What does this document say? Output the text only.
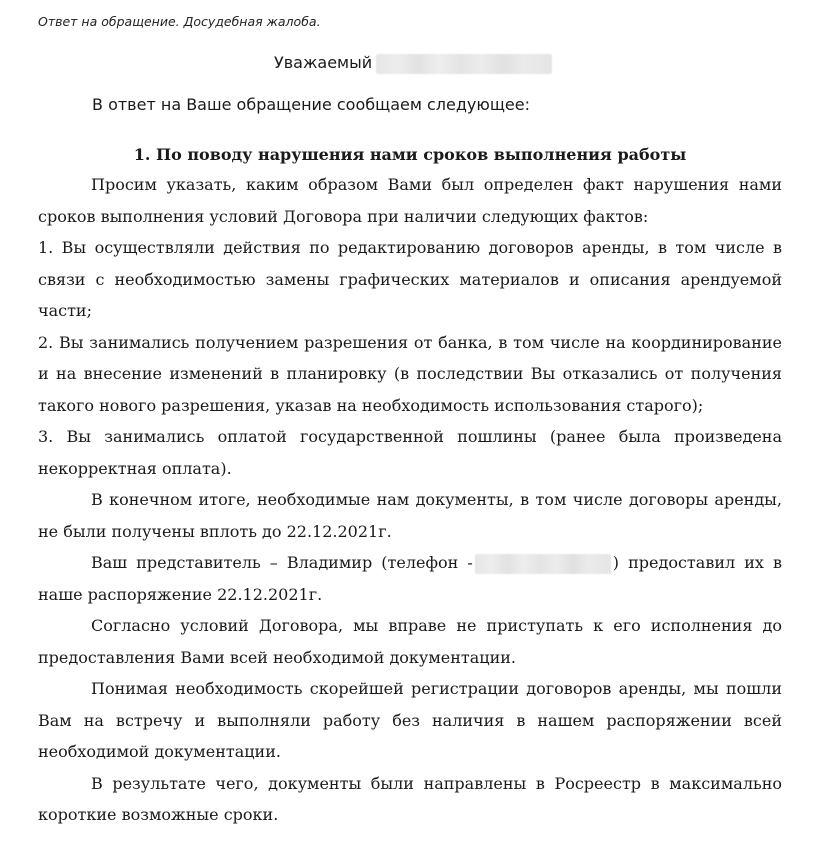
Ответ на обращение. Досудебная жалоба.
Уважаемый
В ответ на Ваше обращение сообщаем следующее:
1. По поводу нарушения нами сроков выполнения работы

Просим указать, каким образом Вами был определен факт нарушения нами сроков выполнения условий Договора при наличии следующих фактов:

1. Вы осуществляли действия по редактированию договоров аренды, в том числе в связи с необходимостью замены графических материалов и описания арендуемой части;

2. Вы занимались получением разрешения от банка, в том числе на координирование и на внесение изменений в планировку (в последствии Вы отказались от получения такого нового разрешения, указав на необходимость использования старого);

3. Вы занимались оплатой государственной пошлины (ранее была произведена некорректная оплата).

В конечном итоге, необходимые нам документы, в том числе договоры аренды, не были получены вплоть до 22.12.2021г.

Ваш представитель – Владимир (телефон -	) предоставил их в наше распоряжение 22.12.2021г.

Согласно условий Договора, мы вправе не приступать к его исполнения до предоставления Вами всей необходимой документации.

Понимая необходимость скорейшей регистрации договоров аренды, мы пошли Вам на встречу и выполняли работу без наличия в нашем распоряжении всей необходимой документации.

В результате чего, документы были направлены в Росреестр в максимально короткие возможные сроки.
